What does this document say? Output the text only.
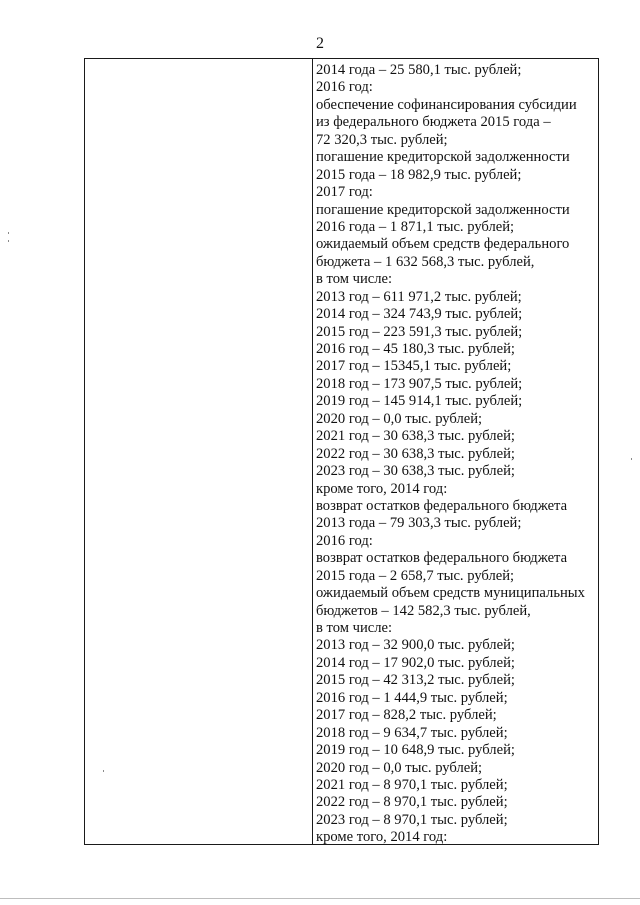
2
2014 года – 25 580,1 тыс. рублей;
2016 год:
обеспечение софинансирования субсидии
из федерального бюджета 2015 года –
72 320,3 тыс. рублей;
погашение кредиторской задолженности
2015 года – 18 982,9 тыс. рублей;
2017 год:
погашение кредиторской задолженности
2016 года – 1 871,1 тыс. рублей;
ожидаемый объем средств федерального
бюджета – 1 632 568,3 тыс. рублей,
в том числе:
2013 год – 611 971,2 тыс. рублей;
2014 год – 324 743,9 тыс. рублей;
2015 год – 223 591,3 тыс. рублей;
2016 год – 45 180,3 тыс. рублей;
2017 год – 15345,1 тыс. рублей;
2018 год – 173 907,5 тыс. рублей;
2019 год – 145 914,1 тыс. рублей;
2020 год – 0,0 тыс. рублей;
2021 год – 30 638,3 тыс. рублей;
2022 год – 30 638,3 тыс. рублей;
2023 год – 30 638,3 тыс. рублей;
кроме того, 2014 год:
возврат остатков федерального бюджета
2013 года – 79 303,3 тыс. рублей;
2016 год:
возврат остатков федерального бюджета
2015 года – 2 658,7 тыс. рублей;
ожидаемый объем средств муниципальных
бюджетов – 142 582,3 тыс. рублей,
в том числе:
2013 год – 32 900,0 тыс. рублей;
2014 год – 17 902,0 тыс. рублей;
2015 год – 42 313,2 тыс. рублей;
2016 год – 1 444,9 тыс. рублей;
2017 год – 828,2 тыс. рублей;
2018 год – 9 634,7 тыс. рублей;
2019 год – 10 648,9 тыс. рублей;
2020 год – 0,0 тыс. рублей;
2021 год – 8 970,1 тыс. рублей;
2022 год – 8 970,1 тыс. рублей;
2023 год – 8 970,1 тыс. рублей;
кроме того, 2014 год:
